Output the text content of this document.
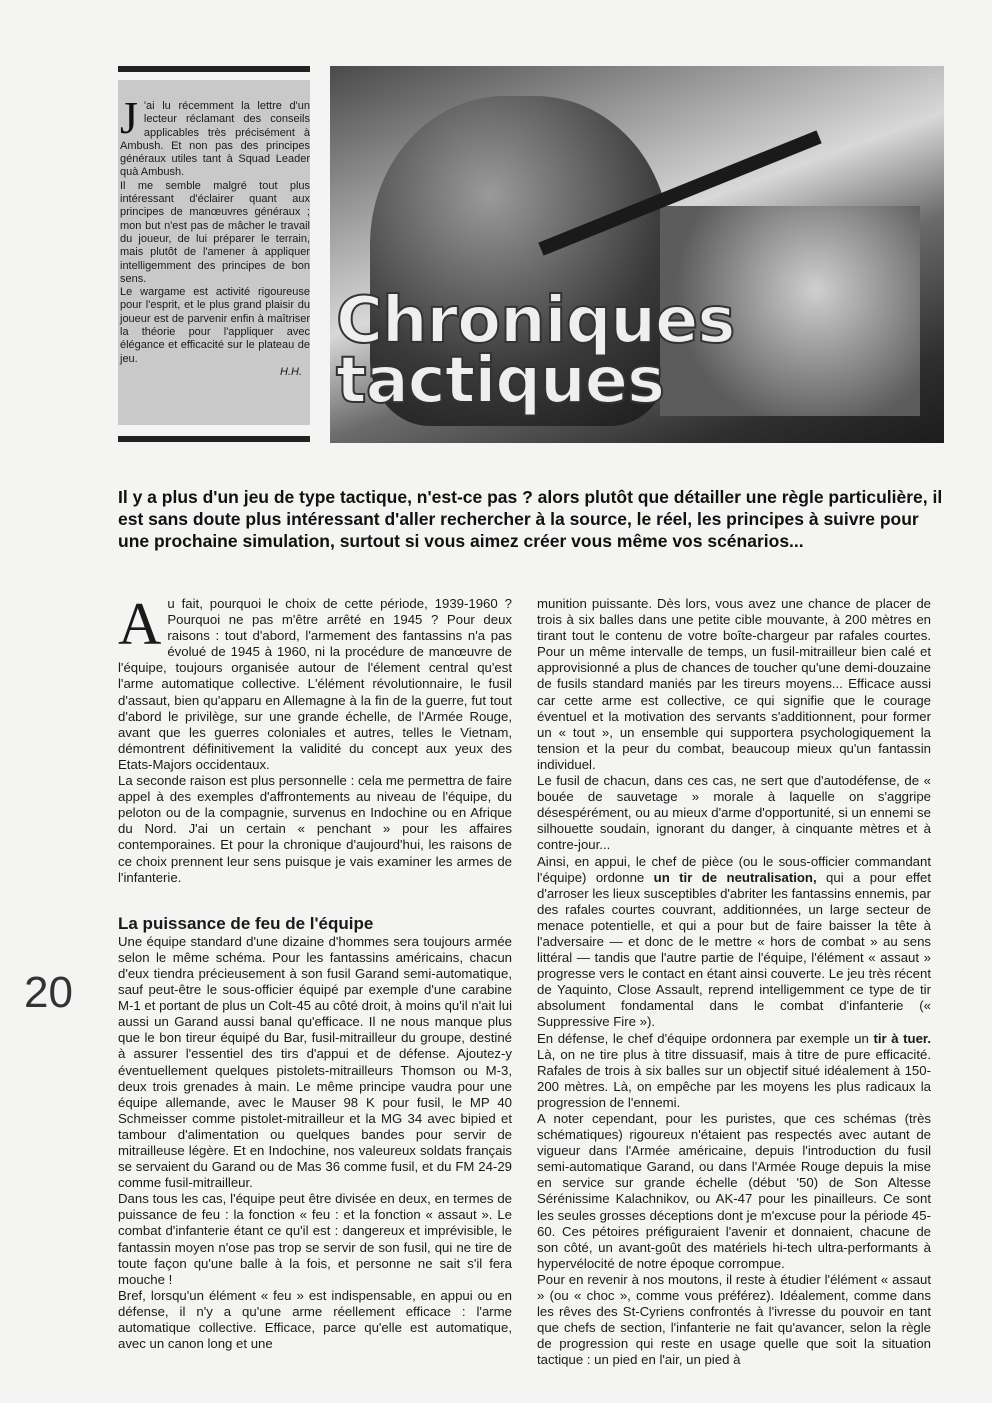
J 'ai lu récemment la lettre d'un lecteur réclamant des conseils applicables très précisément à Ambush. Et non pas des principes généraux utiles tant à Squad Leader quà Ambush.

Il me semble malgré tout plus intéressant d'éclairer quant aux principes de manœuvres généraux ; mon but n'est pas de mâcher le travail du joueur, de lui préparer le terrain, mais plutôt de l'amener à appliquer intelligemment des principes de bon sens.

Le wargame est activité rigoureuse pour l'esprit, et le plus grand plaisir du joueur est de parvenir enfin à maîtriser la théorie pour l'appliquer avec élégance et efficacité sur le plateau de jeu.

H.H.

D R
Chroniques
tactiques
Il y a plus d'un jeu de type tactique, n'est-ce pas ? alors plutôt que détailler une règle particulière, il est sans doute plus intéressant d'aller rechercher à la source, le réel, les principes à suivre pour une prochaine simulation, surtout si vous aimez créer vous même vos scénarios...

Au fait, pourquoi le choix de cette période, 1939-1960 ? Pourquoi ne pas m'être arrêté en 1945 ? Pour deux raisons : tout d'abord, l'armement des fantassins n'a pas évolué de 1945 à 1960, ni la procédure de manœuvre de l'équipe, toujours organisée autour de l'élement central qu'est l'arme automatique collective. L'élément révolutionnaire, le fusil d'assaut, bien qu'apparu en Allemagne à la fin de la guerre, fut tout d'abord le privilège, sur une grande échelle, de l'Armée Rouge, avant que les guerres coloniales et autres, telles le Vietnam, démontrent définitivement la validité du concept aux yeux des Etats-Majors occidentaux.

La seconde raison est plus personnelle : cela me permettra de faire appel à des exemples d'affrontements au niveau de l'équipe, du peloton ou de la compagnie, survenus en Indochine ou en Afrique du Nord. J'ai un certain « penchant » pour les affaires contemporaines. Et pour la chronique d'aujourd'hui, les raisons de ce choix prennent leur sens puisque je vais examiner les armes de l'infanterie.

La puissance de feu de l'équipe

Une équipe standard d'une dizaine d'hommes sera toujours armée selon le même schéma. Pour les fantassins américains, chacun d'eux tiendra précieusement à son fusil Garand semi-automatique, sauf peut-être le sous-officier équipé par exemple d'une carabine M-1 et portant de plus un Colt-45 au côté droit, à moins qu'il n'ait lui aussi un Garand aussi banal qu'efficace. Il ne nous manque plus que le bon tireur équipé du Bar, fusil-mitrailleur du groupe, destiné à assurer l'essentiel des tirs d'appui et de défense. Ajoutez-y éventuellement quelques pistolets-mitrailleurs Thomson ou M-3, deux trois grenades à main. Le même principe vaudra pour une équipe allemande, avec le Mauser 98 K pour fusil, le MP 40 Schmeisser comme pistolet-mitrailleur et la MG 34 avec bipied et tambour d'alimentation ou quelques bandes pour servir de mitrailleuse légère. Et en Indochine, nos valeureux soldats français se servaient du Garand ou de Mas 36 comme fusil, et du FM 24-29 comme fusil-mitrailleur.

Dans tous les cas, l'équipe peut être divisée en deux, en termes de puissance de feu : la fonction « feu : et la fonction « assaut ». Le combat d'infanterie étant ce qu'il est : dangereux et imprévisible, le fantassin moyen n'ose pas trop se servir de son fusil, qui ne tire de toute façon qu'une balle à la fois, et personne ne sait s'il fera mouche !

Bref, lorsqu'un élément « feu » est indispensable, en appui ou en défense, il n'y a qu'une arme réellement efficace : l'arme automatique collective. Efficace, parce qu'elle est automatique, avec un canon long et une

munition puissante. Dès lors, vous avez une chance de placer de trois à six balles dans une petite cible mouvante, à 200 mètres en tirant tout le contenu de votre boîte-chargeur par rafales courtes. Pour un même intervalle de temps, un fusil-mitrailleur bien calé et approvisionné a plus de chances de toucher qu'une demi-douzaine de fusils standard maniés par les tireurs moyens... Efficace aussi car cette arme est collective, ce qui signifie que le courage éventuel et la motivation des servants s'additionnent, pour former un « tout », un ensemble qui supportera psychologiquement la tension et la peur du combat, beaucoup mieux qu'un fantassin individuel.

Le fusil de chacun, dans ces cas, ne sert que d'autodéfense, de « bouée de sauvetage » morale à laquelle on s'aggripe désespérément, ou au mieux d'arme d'opportunité, si un ennemi se silhouette soudain, ignorant du danger, à cinquante mètres et à contre-jour...

Ainsi, en appui, le chef de pièce (ou le sous-officier commandant l'équipe) ordonne un tir de neutralisation, qui a pour effet d'arroser les lieux susceptibles d'abriter les fantassins ennemis, par des rafales courtes couvrant, additionnées, un large secteur de menace potentielle, et qui a pour but de faire baisser la tête à l'adversaire — et donc de le mettre « hors de combat » au sens littéral — tandis que l'autre partie de l'équipe, l'élément « assaut » progresse vers le contact en étant ainsi couverte. Le jeu très récent de Yaquinto, Close Assault, reprend intelligemment ce type de tir absolument fondamental dans le combat d'infanterie (« Suppressive Fire »).

En défense, le chef d'équipe ordonnera par exemple un tir à tuer. Là, on ne tire plus à titre dissuasif, mais à titre de pure efficacité. Rafales de trois à six balles sur un objectif situé idéalement à 150-200 mètres. Là, on empêche par les moyens les plus radicaux la progression de l'ennemi.

A noter cependant, pour les puristes, que ces schémas (très schématiques) rigoureux n'étaient pas respectés avec autant de vigueur dans l'Armée américaine, depuis l'introduction du fusil semi-automatique Garand, ou dans l'Armée Rouge depuis la mise en service sur grande échelle (début '50) de Son Altesse Sérénissime Kalachnikov, ou AK-47 pour les pinailleurs. Ce sont les seules grosses déceptions dont je m'excuse pour la période 45-60. Ces pétoires préfiguraient l'avenir et donnaient, chacune de son côté, un avant-goût des matériels hi-tech ultra-performants à hypervélocité de notre époque corrompue.

Pour en revenir à nos moutons, il reste à étudier l'élément « assaut » (ou « choc », comme vous préférez). Idéalement, comme dans les rêves des St-Cyriens confrontés à l'ivresse du pouvoir en tant que chefs de section, l'infanterie ne fait qu'avancer, selon la règle de progression qui reste en usage quelle que soit la situation tactique : un pied en l'air, un pied à

20
